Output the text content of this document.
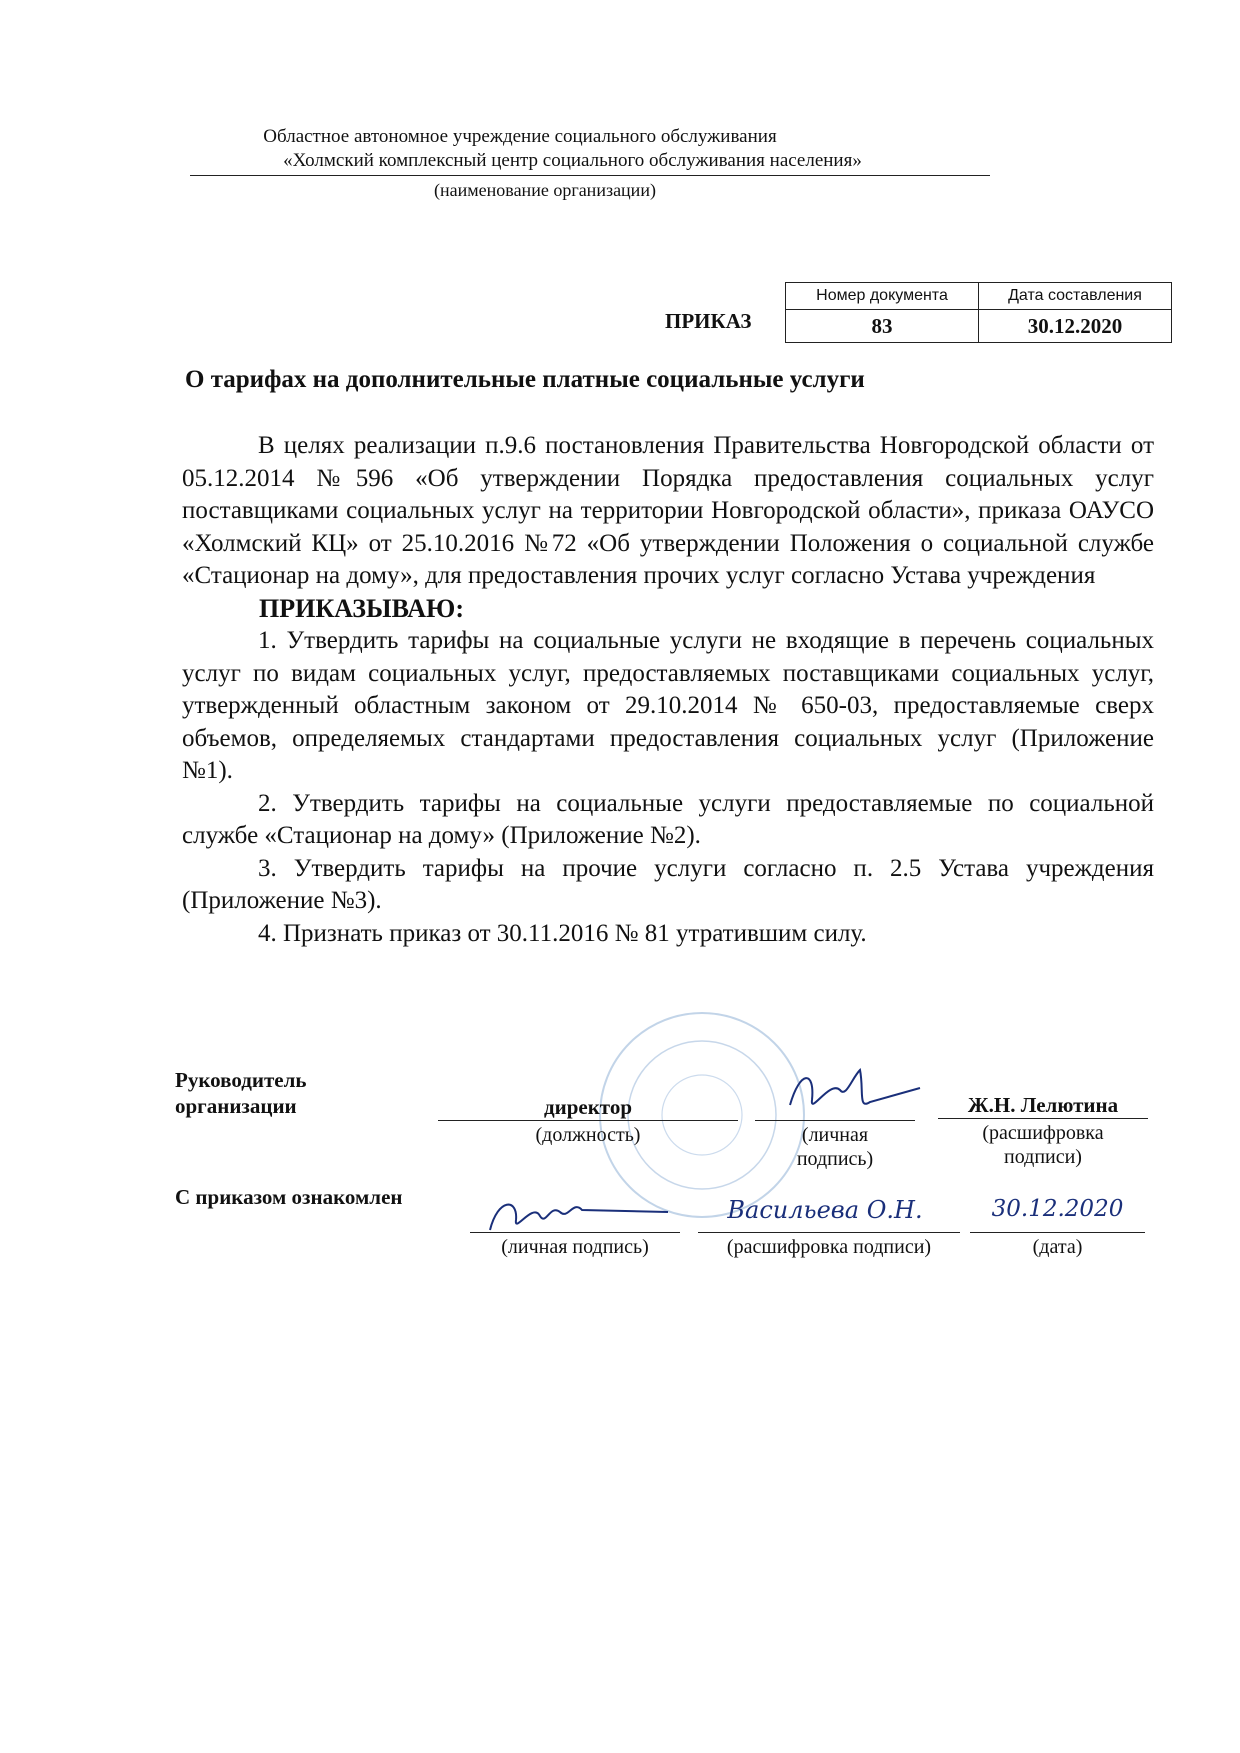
Областное автономное учреждение социального обслуживания
«Холмский комплексный центр социального обслуживания населения»
(наименование организации)
ПРИКАЗ
Номер документа	Дата составления
83	30.12.2020
О тарифах на дополнительные платные социальные услуги

В целях реализации п.9.6 постановления Правительства Новгородской области от 05.12.2014 №596 «Об утверждении Порядка предоставления социальных услуг поставщиками социальных услуг на территории Новгородской области», приказа ОАУСО «Холмский КЦ» от 25.10.2016 №72 «Об утверждении Положения о социальной службе «Стационар на дому», для предоставления прочих услуг согласно Устава учреждения

ПРИКАЗЫВАЮ:

1. Утвердить тарифы на социальные услуги не входящие в перечень социальных услуг по видам социальных услуг, предоставляемых поставщиками социальных услуг, утвержденный областным законом от 29.10.2014 № 650-03, предоставляемые сверх объемов, определяемых стандартами предоставления социальных услуг (Приложение №1).

2. Утвердить тарифы на социальные услуги предоставляемые по социальной службе «Стационар на дому» (Приложение №2).

3. Утвердить тарифы на прочие услуги согласно п. 2.5 Устава учреждения (Приложение №3).

4. Признать приказ от 30.11.2016 № 81 утратившим силу.

Руководитель
организации	директор
(должность)	(личная
подпись)
Ж.Н. Лелютина
(расшифровка
подписи)
С приказом ознакомлен
(личная подпись)
Васильева О.Н.
(расшифровка подписи)
30.12.2020
(дата)
